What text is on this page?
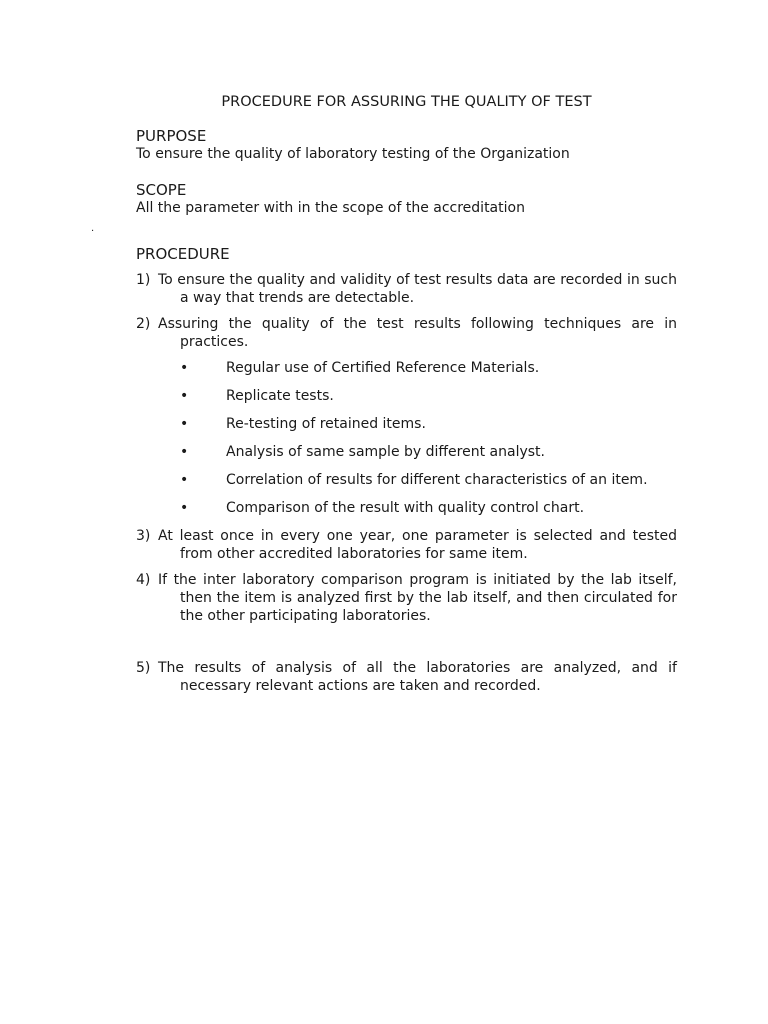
PROCEDURE FOR ASSURING THE QUALITY OF TEST

PURPOSE

To ensure the quality of laboratory testing of the Organization

SCOPE

All the parameter with in the scope of the accreditation

PROCEDURE

1) To ensure the quality and validity of test results data are recorded in such a way that trends are detectable.

2) Assuring the quality of the test results following techniques are in practices.

•	Regular use of Certified Reference Materials.
•	Replicate tests.
•	Re-testing of retained items.
•	Analysis of same sample by different analyst.
•	Correlation of results for different characteristics of an item.
•	Comparison of the result with quality control chart.

3) At least once in every one year, one parameter is selected and tested from other accredited laboratories for same item.

4) If the inter laboratory comparison program is initiated by the lab itself, then the item is analyzed first by the lab itself, and then circulated for the other participating laboratories.

5) The results of analysis of all the laboratories are analyzed, and if necessary relevant actions are taken and recorded.

.
